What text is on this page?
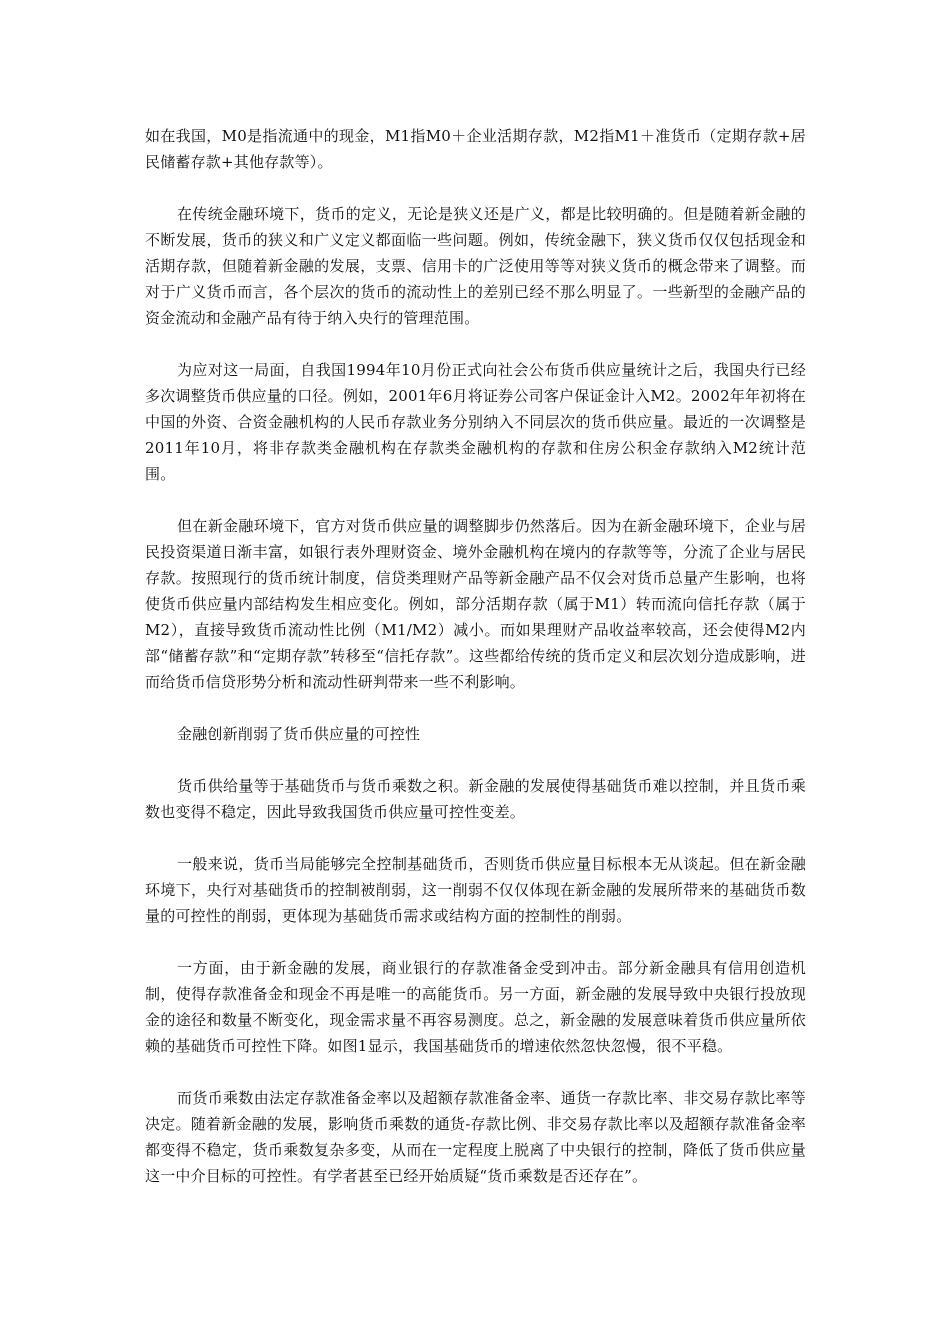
如在我国，M0是指流通中的现金，M1指M0＋企业活期存款，M2指M1＋准货币（定期存款+居民储蓄存款+其他存款等）。

在传统金融环境下，货币的定义，无论是狭义还是广义，都是比较明确的。但是随着新金融的不断发展，货币的狭义和广义定义都面临一些问题。例如，传统金融下，狭义货币仅仅包括现金和活期存款，但随着新金融的发展，支票、信用卡的广泛使用等等对狭义货币的概念带来了调整。而对于广义货币而言，各个层次的货币的流动性上的差别已经不那么明显了。一些新型的金融产品的资金流动和金融产品有待于纳入央行的管理范围。

为应对这一局面，自我国1994年10月份正式向社会公布货币供应量统计之后，我国央行已经多次调整货币供应量的口径。例如，2001年6月将证券公司客户保证金计入M2。2002年年初将在中国的外资、合资金融机构的人民币存款业务分别纳入不同层次的货币供应量。最近的一次调整是2011年10月，将非存款类金融机构在存款类金融机构的存款和住房公积金存款纳入M2统计范围。

但在新金融环境下，官方对货币供应量的调整脚步仍然落后。因为在新金融环境下，企业与居民投资渠道日渐丰富，如银行表外理财资金、境外金融机构在境内的存款等等，分流了企业与居民存款。按照现行的货币统计制度，信贷类理财产品等新金融产品不仅会对货币总量产生影响，也将使货币供应量内部结构发生相应变化。例如，部分活期存款（属于M1）转而流向信托存款（属于M2），直接导致货币流动性比例（M1/M2）减小。而如果理财产品收益率较高，还会使得M2内部“储蓄存款”和“定期存款”转移至“信托存款”。这些都给传统的货币定义和层次划分造成影响，进而给货币信贷形势分析和流动性研判带来一些不利影响。

金融创新削弱了货币供应量的可控性

货币供给量等于基础货币与货币乘数之积。新金融的发展使得基础货币难以控制，并且货币乘数也变得不稳定，因此导致我国货币供应量可控性变差。

一般来说，货币当局能够完全控制基础货币，否则货币供应量目标根本无从谈起。但在新金融环境下，央行对基础货币的控制被削弱，这一削弱不仅仅体现在新金融的发展所带来的基础货币数量的可控性的削弱，更体现为基础货币需求或结构方面的控制性的削弱。

一方面，由于新金融的发展，商业银行的存款准备金受到冲击。部分新金融具有信用创造机制，使得存款准备金和现金不再是唯一的高能货币。另一方面，新金融的发展导致中央银行投放现金的途径和数量不断变化，现金需求量不再容易测度。总之，新金融的发展意味着货币供应量所依赖的基础货币可控性下降。如图1显示，我国基础货币的增速依然忽快忽慢，很不平稳。

而货币乘数由法定存款准备金率以及超额存款准备金率、通货一存款比率、非交易存款比率等决定。随着新金融的发展，影响货币乘数的通货-存款比例、非交易存款比率以及超额存款准备金率都变得不稳定，货币乘数复杂多变，从而在一定程度上脱离了中央银行的控制，降低了货币供应量这一中介目标的可控性。有学者甚至已经开始质疑“货币乘数是否还存在”。
